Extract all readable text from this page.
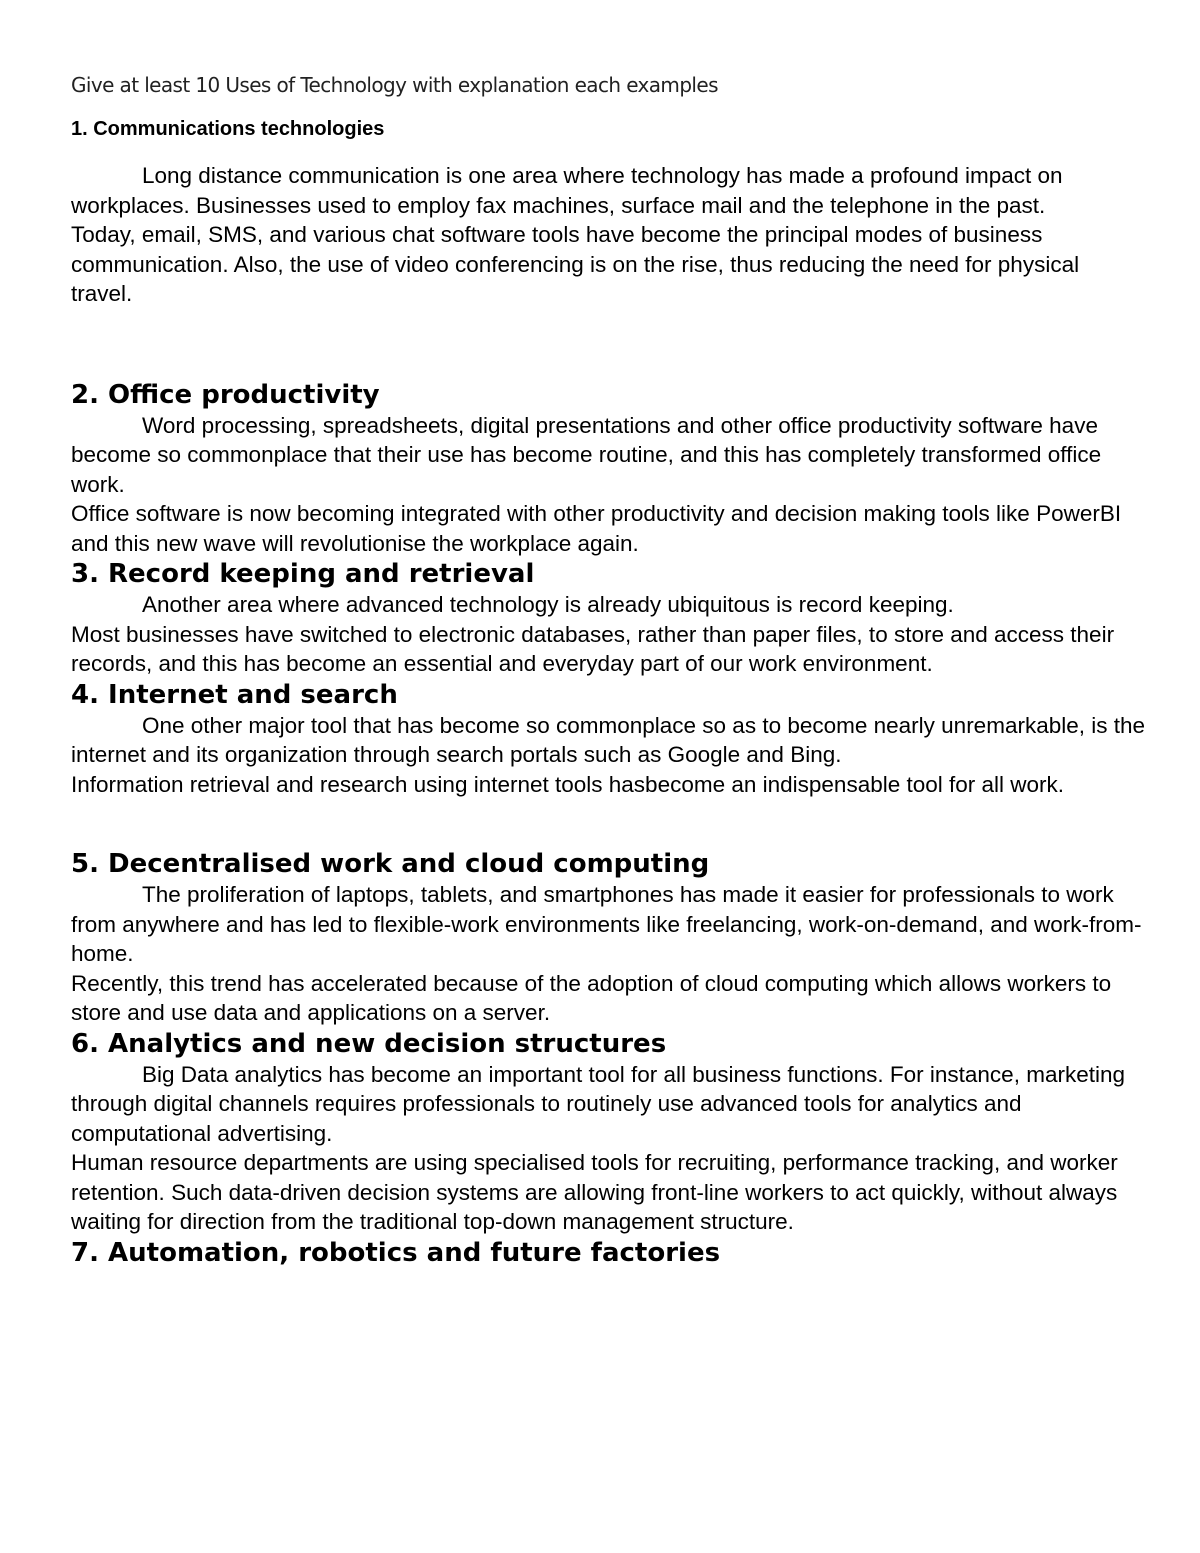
Give at least 10 Uses of Technology with explanation each examples

1. Communications technologies

Long distance communication is one area where technology has made a profound impact on workplaces. Businesses used to employ fax machines, surface mail and the telephone in the past.

Today, email, SMS, and various chat software tools have become the principal modes of business communication. Also, the use of video conferencing is on the rise, thus reducing the need for physical travel.

2. Office productivity

Word processing, spreadsheets, digital presentations and other office productivity software have become so commonplace that their use has become routine, and this has completely transformed office work.

Office software is now becoming integrated with other productivity and decision making tools like PowerBI and this new wave will revolutionise the workplace again.

3. Record keeping and retrieval

Another area where advanced technology is already ubiquitous is record keeping.

Most businesses have switched to electronic databases, rather than paper files, to store and access their records, and this has become an essential and everyday part of our work environment.

4. Internet and search

One other major tool that has become so commonplace so as to become nearly unremarkable, is the internet and its organization through search portals such as Google and Bing.

Information retrieval and research using internet tools hasbecome an indispensable tool for all work.

5. Decentralised work and cloud computing

The proliferation of laptops, tablets, and smartphones has made it easier for professionals to work from anywhere and has led to flexible-work environments like freelancing, work-on-demand, and work-from-home.

Recently, this trend has accelerated because of the adoption of cloud computing which allows workers to store and use data and applications on a server.

6. Analytics and new decision structures

Big Data analytics has become an important tool for all business functions. For instance, marketing through digital channels requires professionals to routinely use advanced tools for analytics and computational advertising.

Human resource departments are using specialised tools for recruiting, performance tracking, and worker retention. Such data-driven decision systems are allowing front-line workers to act quickly, without always waiting for direction from the traditional top-down management structure.

7. Automation, robotics and future factories
